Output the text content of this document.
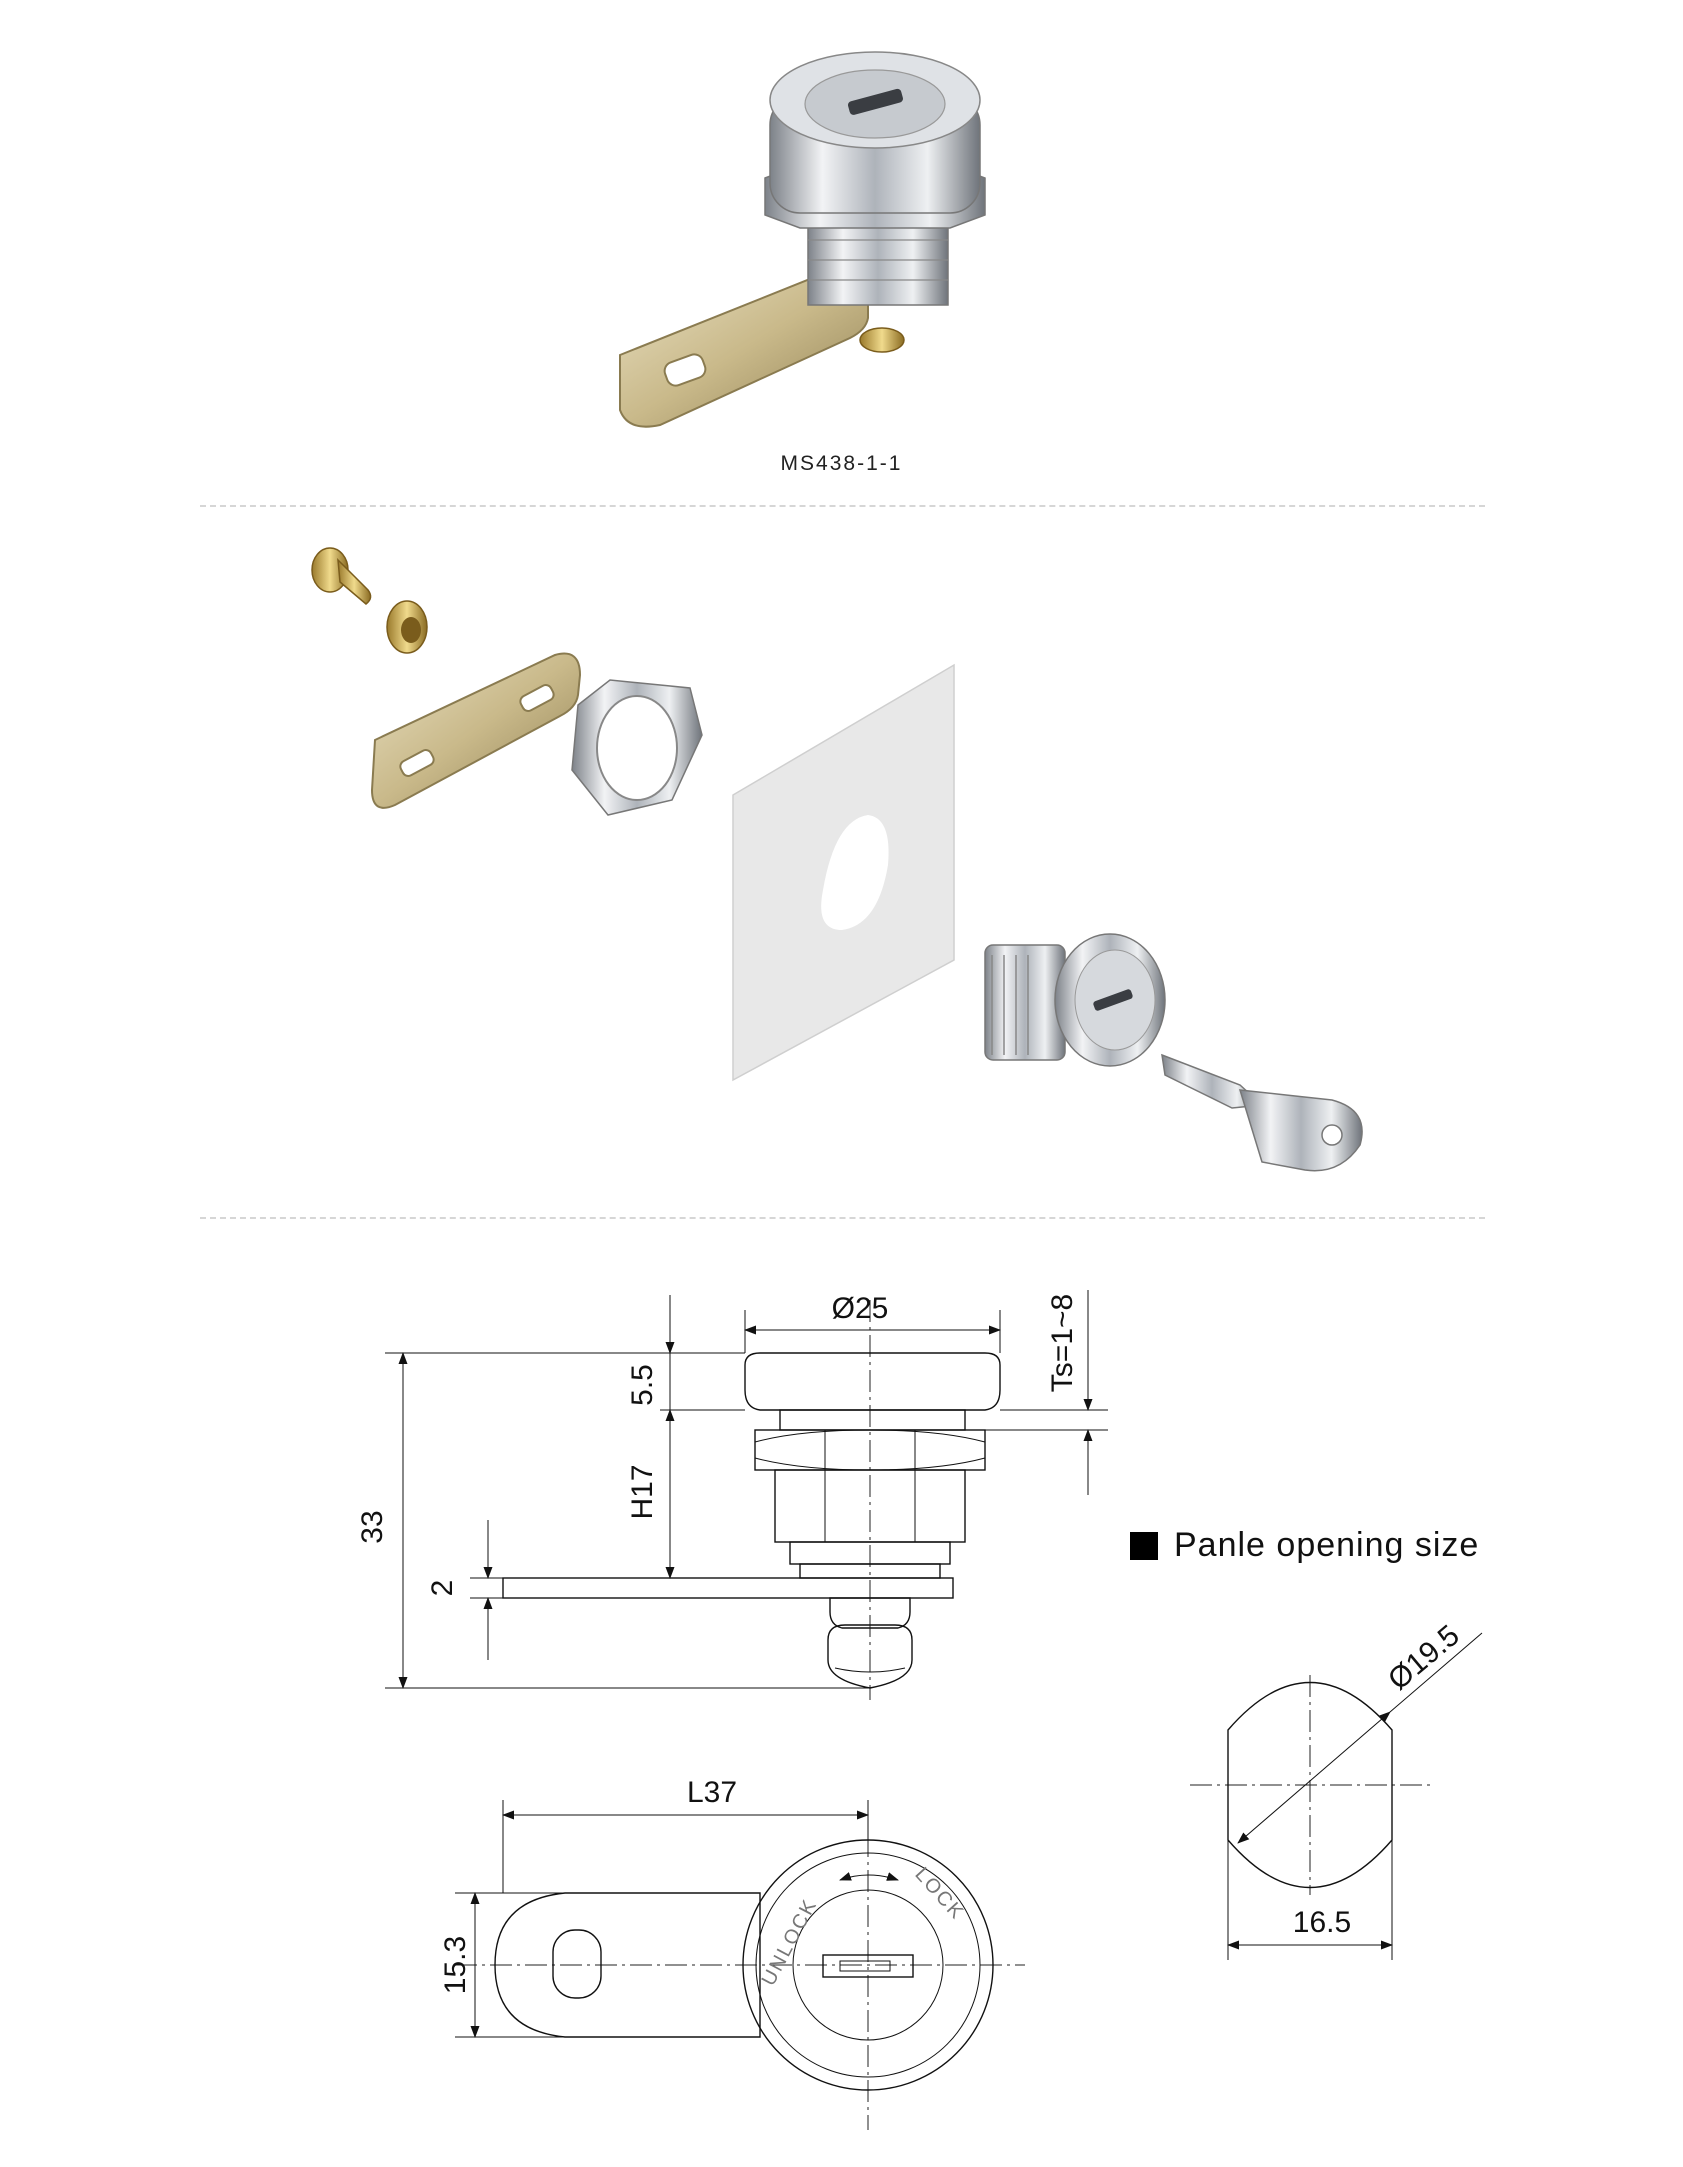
MS438-1-1
Ø25
5.5
H17
Ts=1~8
33
2
UNLOCK
LOCK
L37
15.3
Ø19.5
16.5
Panle opening size
